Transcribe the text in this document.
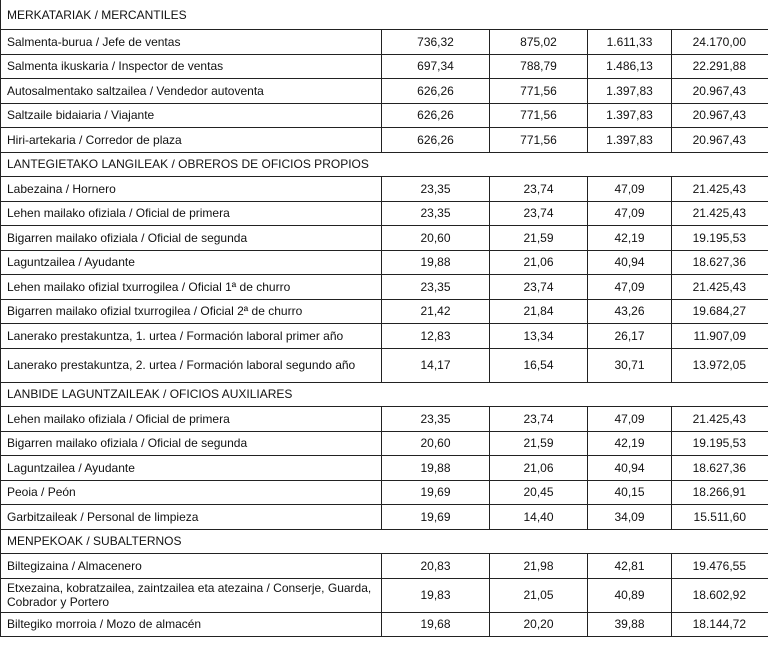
MERKATARIAK / MERCANTILES				
Salmenta-burua / Jefe de ventas	736,32	875,02	1.611,33	24.170,00
Salmenta ikuskaria / Inspector de ventas	697,34	788,79	1.486,13	22.291,88
Autosalmentako saltzailea / Vendedor autoventa	626,26	771,56	1.397,83	20.967,43
Saltzaile bidaiaria / Viajante	626,26	771,56	1.397,83	20.967,43
Hiri-artekaria / Corredor de plaza	626,26	771,56	1.397,83	20.967,43
LANTEGIETAKO LANGILEAK / OBREROS DE OFICIOS PROPIOS				
Labezaina / Hornero	23,35	23,74	47,09	21.425,43
Lehen mailako ofiziala / Oficial de primera	23,35	23,74	47,09	21.425,43
Bigarren mailako ofiziala / Oficial de segunda	20,60	21,59	42,19	19.195,53
Laguntzailea / Ayudante	19,88	21,06	40,94	18.627,36
Lehen mailako ofizial txurrogilea / Oficial 1ª de churro	23,35	23,74	47,09	21.425,43
Bigarren mailako ofizial txurrogilea / Oficial 2ª de churro	21,42	21,84	43,26	19.684,27
Lanerako prestakuntza, 1. urtea / Formación laboral primer año	12,83	13,34	26,17	11.907,09
Lanerako prestakuntza, 2. urtea / Formación laboral segundo año	14,17	16,54	30,71	13.972,05
LANBIDE LAGUNTZAILEAK / OFICIOS AUXILIARES				
Lehen mailako ofiziala / Oficial de primera	23,35	23,74	47,09	21.425,43
Bigarren mailako ofiziala / Oficial de segunda	20,60	21,59	42,19	19.195,53
Laguntzailea / Ayudante	19,88	21,06	40,94	18.627,36
Peoia / Peón	19,69	20,45	40,15	18.266,91
Garbitzaileak / Personal de limpieza	19,69	14,40	34,09	15.511,60
MENPEKOAK / SUBALTERNOS				
Biltegizaina / Almacenero	20,83	21,98	42,81	19.476,55
Etxezaina, kobratzailea, zaintzailea eta atezaina / Conserje, Guarda, Cobrador y Portero	19,83	21,05	40,89	18.602,92
Biltegiko morroia / Mozo de almacén	19,68	20,20	39,88	18.144,72
